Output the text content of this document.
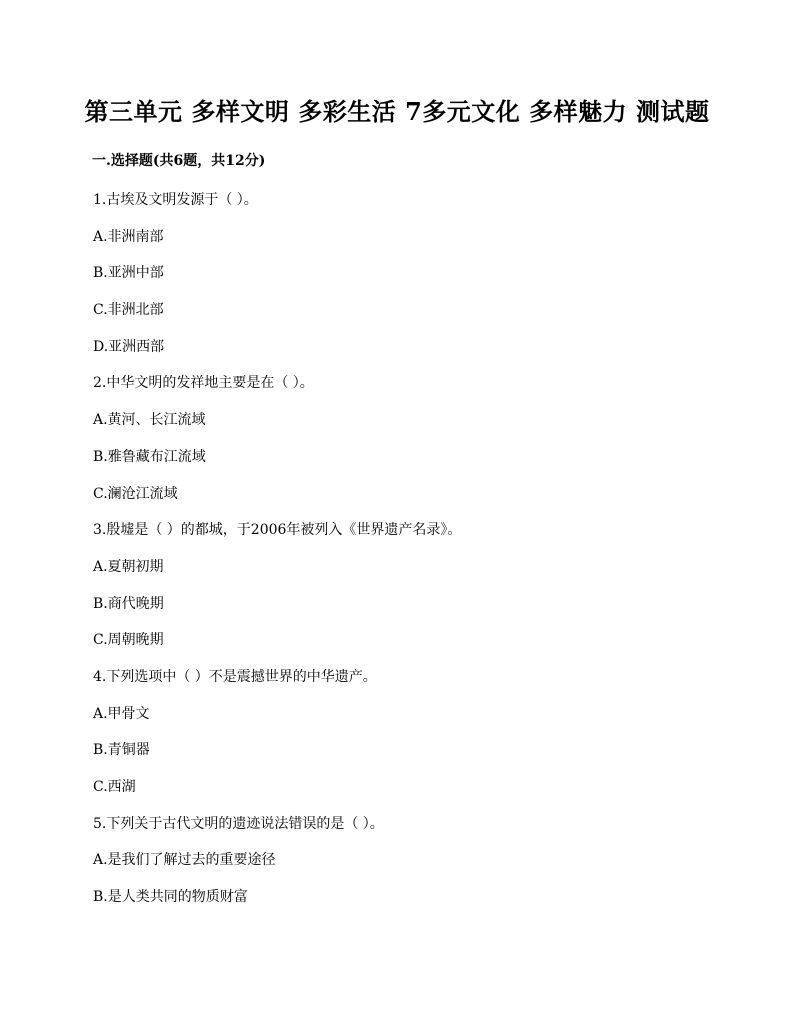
第三单元 多样文明 多彩生活 7多元文化 多样魅力 测试题
一.选择题(共6题，共12分)
1.古埃及文明发源于（ ）。
A.非洲南部
B.亚洲中部
C.非洲北部
D.亚洲西部
2.中华文明的发祥地主要是在（ ）。
A.黄河、长江流域
B.雅鲁藏布江流域
C.澜沧江流域
3.殷墟是（ ）的都城，于2006年被列入《世界遗产名录》。
A.夏朝初期
B.商代晚期
C.周朝晚期
4.下列选项中（ ）不是震撼世界的中华遗产。
A.甲骨文
B.青铜器
C.西湖
5.下列关于古代文明的遗迹说法错误的是（ ）。
A.是我们了解过去的重要途径
B.是人类共同的物质财富
